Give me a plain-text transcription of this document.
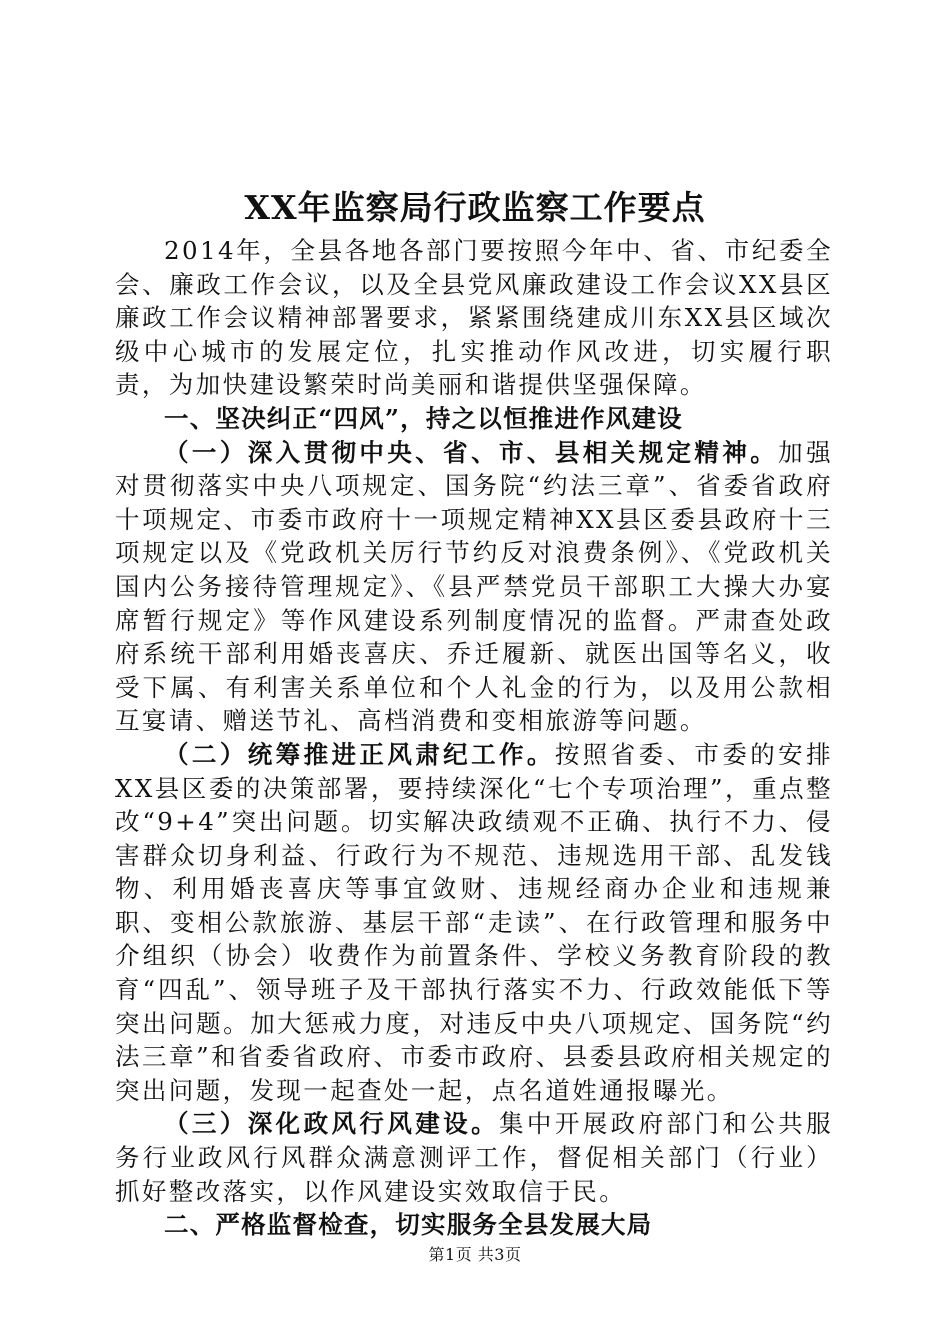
XX年监察局行政监察工作要点

2014年，全县各地各部门要按照今年中、省、市纪委全会、廉政工作会议，以及全县党风廉政建设工作会议XX县区廉政工作会议精神部署要求，紧紧围绕建成川东XX县区域次级中心城市的发展定位，扎实推动作风改进，切实履行职责，为加快建设繁荣时尚美丽和谐提供坚强保障。

一、坚决纠正“四风”，持之以恒推进作风建设

（一）深入贯彻中央、省、市、县相关规定精神。加强对贯彻落实中央八项规定、国务院“约法三章”、省委省政府十项规定、市委市政府十一项规定精神XX县区委县政府十三项规定以及《党政机关厉行节约反对浪费条例》、《党政机关国内公务接待管理规定》、《县严禁党员干部职工大操大办宴席暂行规定》等作风建设系列制度情况的监督。严肃查处政府系统干部利用婚丧喜庆、乔迁履新、就医出国等名义，收受下属、有利害关系单位和个人礼金的行为，以及用公款相互宴请、赠送节礼、高档消费和变相旅游等问题。

（二）统筹推进正风肃纪工作。按照省委、市委的安排XX县区委的决策部署，要持续深化“七个专项治理”，重点整改“9+4”突出问题。切实解决政绩观不正确、执行不力、侵害群众切身利益、行政行为不规范、违规选用干部、乱发钱物、利用婚丧喜庆等事宜敛财、违规经商办企业和违规兼职、变相公款旅游、基层干部“走读”、在行政管理和服务中介组织（协会）收费作为前置条件、学校义务教育阶段的教育“四乱”、领导班子及干部执行落实不力、行政效能低下等突出问题。加大惩戒力度，对违反中央八项规定、国务院“约法三章”和省委省政府、市委市政府、县委县政府相关规定的突出问题，发现一起查处一起，点名道姓通报曝光。

（三）深化政风行风建设。集中开展政府部门和公共服务行业政风行风群众满意测评工作，督促相关部门（行业）抓好整改落实，以作风建设实效取信于民。

二、严格监督检查，切实服务全县发展大局

第1页 共3页
